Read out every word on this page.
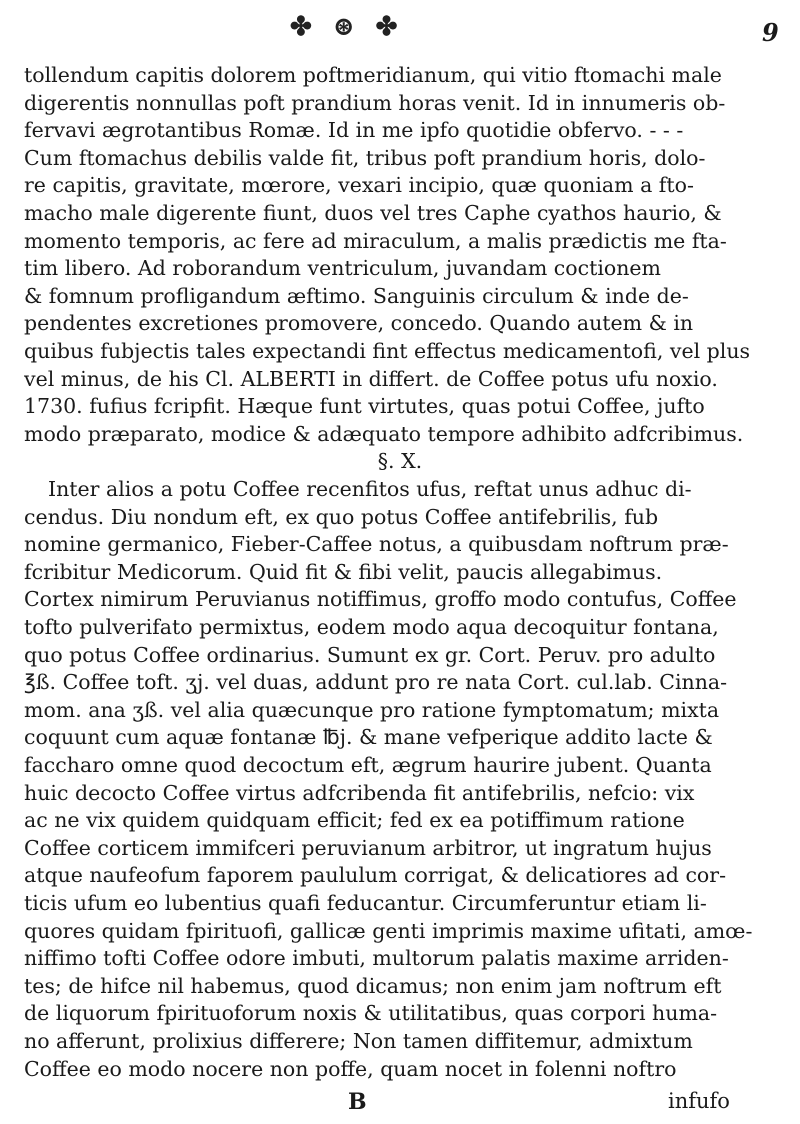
✤ ⊛ ✤	9
tollendum capitis dolorem poftmeridianum, qui vitio ftomachi male
digerentis nonnullas poft prandium horas venit. Id in innumeris ob-
fervavi ægrotantibus Romæ. Id in me ipfo quotidie obfervo. - - -
Cum ftomachus debilis valde fit, tribus poft prandium horis, dolo-
re capitis, gravitate, mœrore, vexari incipio, quæ quoniam a fto-
macho male digerente fiunt, duos vel tres Caphe cyathos haurio, &
momento temporis, ac fere ad miraculum, a malis prædictis me fta-
tim libero. Ad roborandum ventriculum, juvandam coctionem
& fomnum profligandum æftimo. Sanguinis circulum & inde de-
pendentes excretiones promovere, concedo. Quando autem & in
quibus fubjectis tales expectandi fint effectus medicamentofi, vel plus
vel minus, de his Cl. ALBERTI in differt. de Coffee potus ufu noxio.
1730. fufius fcripfit. Hæque funt virtutes, quas potui Coffee, jufto
modo præparato, modice & adæquato tempore adhibito adfcribimus.
§. X.
Inter alios a potu Coffee recenfitos ufus, reftat unus adhuc di-
cendus. Diu nondum eft, ex quo potus Coffee antifebrilis, fub
nomine germanico, Fieber-Caffee notus, a quibusdam noftrum præ-
fcribitur Medicorum. Quid fit & fibi velit, paucis allegabimus.
Cortex nimirum Peruvianus notiffimus, groffo modo contufus, Coffee
tofto pulverifato permixtus, eodem modo aqua decoquitur fontana,
quo potus Coffee ordinarius. Sumunt ex gr. Cort. Peruv. pro adulto
℥ß. Coffee toft. ʒj. vel duas, addunt pro re nata Cort. cul.lab. Cinna-
mom. ana ʒß. vel alia quæcunque pro ratione fymptomatum; mixta
coquunt cum aquæ fontanæ ℔j. & mane vefperique addito lacte &
faccharo omne quod decoctum eft, ægrum haurire jubent. Quanta
huic decocto Coffee virtus adfcribenda fit antifebrilis, nefcio: vix
ac ne vix quidem quidquam efficit; fed ex ea potiffimum ratione
Coffee corticem immifceri peruvianum arbitror, ut ingratum hujus
atque naufeofum faporem paululum corrigat, & delicatiores ad cor-
ticis ufum eo lubentius quafi feducantur. Circumferuntur etiam li-
quores quidam fpirituofi, gallicæ genti imprimis maxime ufitati, amœ-
niffimo tofti Coffee odore imbuti, multorum palatis maxime arriden-
tes; de hifce nil habemus, quod dicamus; non enim jam noftrum eft
de liquorum fpirituoforum noxis & utilitatibus, quas corpori huma-
no afferunt, prolixius differere; Non tamen diffitemur, admixtum
Coffee eo modo nocere non poffe, quam nocet in folenni noftro
B	infufo
